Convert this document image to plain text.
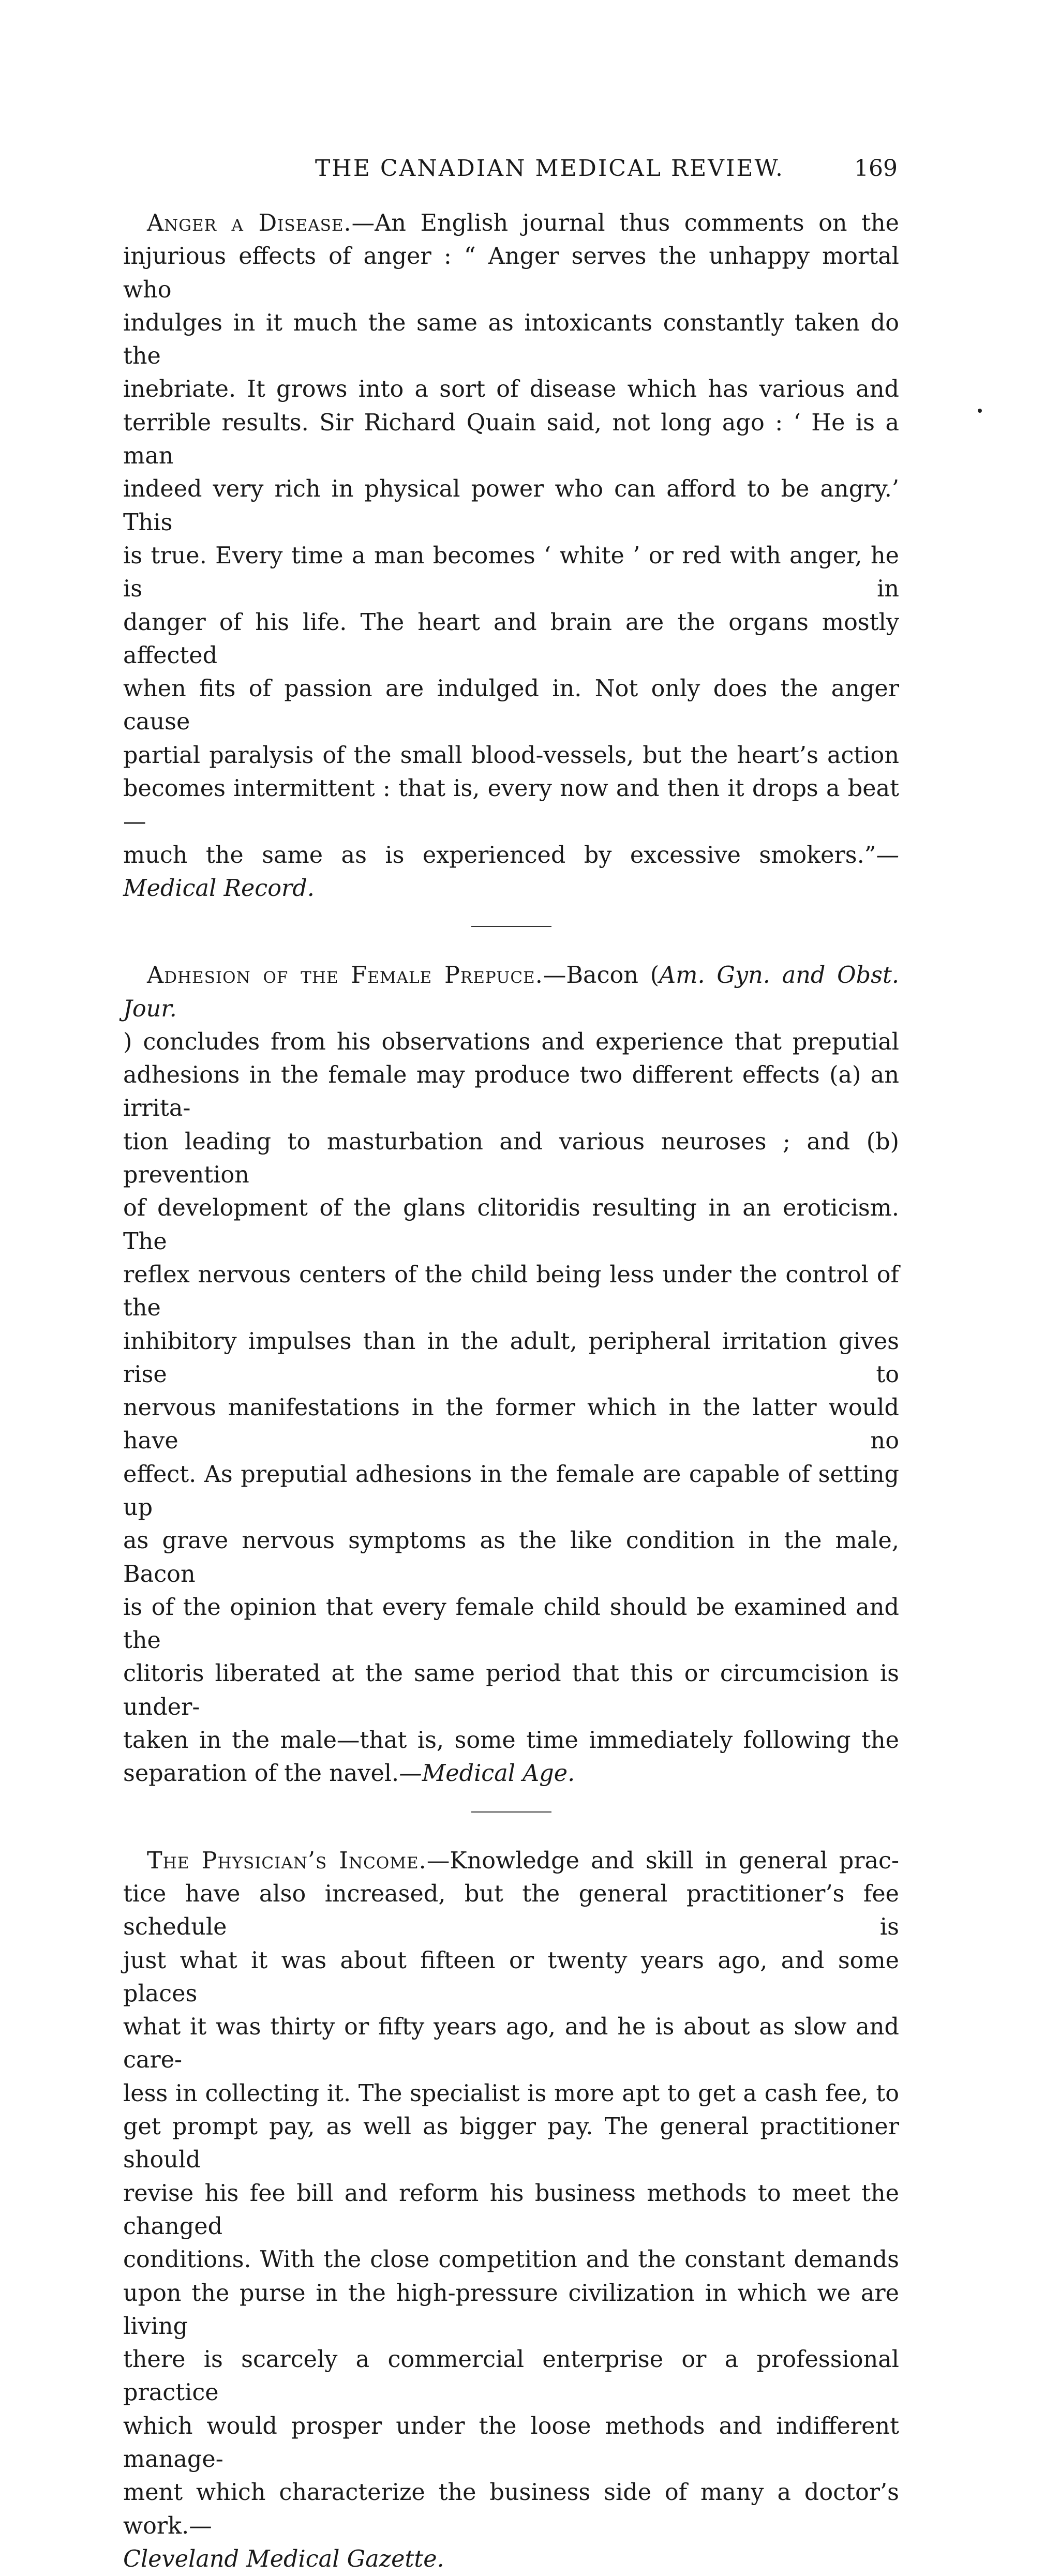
THE CANADIAN MEDICAL REVIEW.	169
Anger a Disease.—An English journal thus comments on the
injurious effects of anger : “ Anger serves the unhappy mortal who
indulges in it much the same as intoxicants constantly taken do the
inebriate. It grows into a sort of disease which has various and
terrible results. Sir Richard Quain said, not long ago : ‘ He is a man
indeed very rich in physical power who can afford to be angry.’ This
is true. Every time a man becomes ‘ white ’ or red with anger, he is in
danger of his life. The heart and brain are the organs mostly affected
when fits of passion are indulged in. Not only does the anger cause
partial paralysis of the small blood-vessels, but the heart’s action
becomes intermittent : that is, every now and then it drops a beat—
much the same as is experienced by excessive smokers.”—Medical Record.
Adhesion of the Female Prepuce.—Bacon (Am. Gyn. and Obst. Jour.
) concludes from his observations and experience that preputial
adhesions in the female may produce two different effects (a) an irrita-
tion leading to masturbation and various neuroses ; and (b) prevention
of development of the glans clitoridis resulting in an eroticism. The
reflex nervous centers of the child being less under the control of the
inhibitory impulses than in the adult, peripheral irritation gives rise to
nervous manifestations in the former which in the latter would have no
effect. As preputial adhesions in the female are capable of setting up
as grave nervous symptoms as the like condition in the male, Bacon
is of the opinion that every female child should be examined and the
clitoris liberated at the same period that this or circumcision is under-
taken in the male—that is, some time immediately following the
separation of the navel.—Medical Age.
The Physician’s Income.—Knowledge and skill in general prac-
tice have also increased, but the general practitioner’s fee schedule is
just what it was about fifteen or twenty years ago, and some places
what it was thirty or fifty years ago, and he is about as slow and care-
less in collecting it. The specialist is more apt to get a cash fee, to
get prompt pay, as well as bigger pay. The general practitioner should
revise his fee bill and reform his business methods to meet the changed
conditions. With the close competition and the constant demands
upon the purse in the high-pressure civilization in which we are living
there is scarcely a commercial enterprise or a professional practice
which would prosper under the loose methods and indifferent manage-
ment which characterize the business side of many a doctor’s work.—
Cleveland Medical Gazette.
